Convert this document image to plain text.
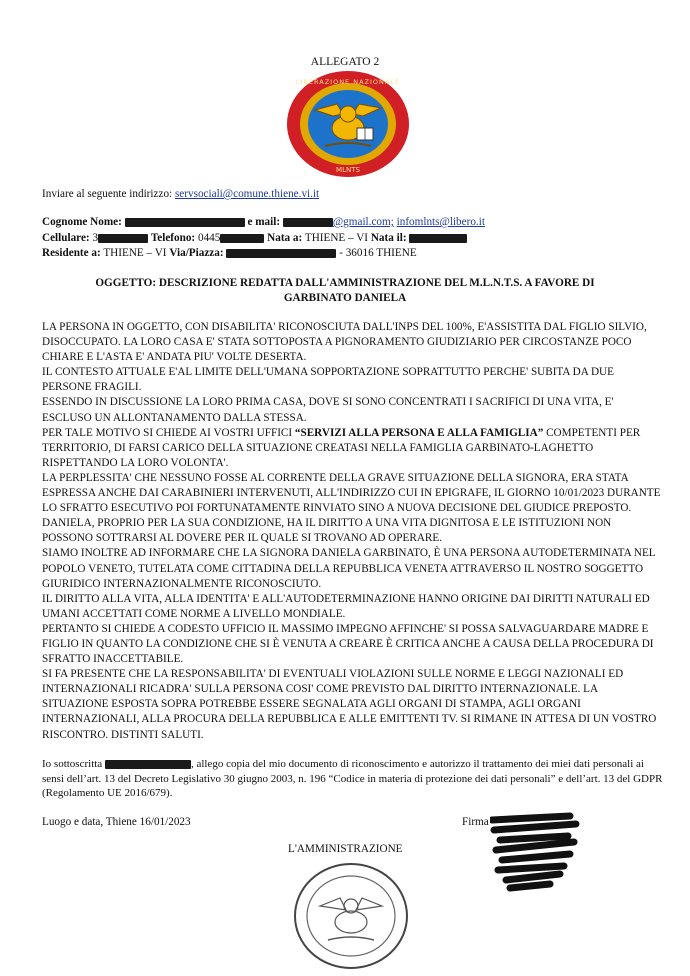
ALLEGATO 2
LIBERAZIONE NAZIONALE
MLNTS
Inviare al seguente indirizzo: servsociali@comune.thiene.vi.it
Cognome Nome:	e mail:	@gmail.com; infomlnts@libero.it
Cellulare: 3	Telefono: 0445	Nata a: THIENE – VI Nata il:
Residente a: THIENE – VI Via/Piazza:	- 36016 THIENE
OGGETTO: DESCRIZIONE REDATTA DALL'AMMINISTRAZIONE DEL M.L.N.T.S. A FAVORE DI
GARBINATO DANIELA

LA PERSONA IN OGGETTO, CON DISABILITA' RICONOSCIUTA DALL'INPS DEL 100%, E'ASSISTITA DAL FIGLIO SILVIO, DISOCCUPATO. LA LORO CASA E' STATA SOTTOPOSTA A PIGNORAMENTO GIUDIZIARIO PER CIRCOSTANZE POCO CHIARE E L'ASTA E' ANDATA PIU' VOLTE DESERTA.

IL CONTESTO ATTUALE E'AL LIMITE DELL'UMANA SOPPORTAZIONE SOPRATTUTTO PERCHE' SUBITA DA DUE PERSONE FRAGILI.

ESSENDO IN DISCUSSIONE LA LORO PRIMA CASA, DOVE SI SONO CONCENTRATI I SACRIFICI DI UNA VITA, E' ESCLUSO UN ALLONTANAMENTO DALLA STESSA.

PER TALE MOTIVO SI CHIEDE AI VOSTRI UFFICI “SERVIZI ALLA PERSONA E ALLA FAMIGLIA” COMPETENTI PER TERRITORIO, DI FARSI CARICO DELLA SITUAZIONE CREATASI NELLA FAMIGLIA GARBINATO-LAGHETTO RISPETTANDO LA LORO VOLONTA'.

LA PERPLESSITA' CHE NESSUNO FOSSE AL CORRENTE DELLA GRAVE SITUAZIONE DELLA SIGNORA, ERA STATA ESPRESSA ANCHE DAI CARABINIERI INTERVENUTI, ALL'INDIRIZZO CUI IN EPIGRAFE, IL GIORNO 10/01/2023 DURANTE LO SFRATTO ESECUTIVO POI FORTUNATAMENTE RINVIATO SINO A NUOVA DECISIONE DEL GIUDICE PREPOSTO.

DANIELA, PROPRIO PER LA SUA CONDIZIONE, HA IL DIRITTO A UNA VITA DIGNITOSA E LE ISTITUZIONI NON POSSONO SOTTRARSI AL DOVERE PER IL QUALE SI TROVANO AD OPERARE.

SIAMO INOLTRE AD INFORMARE CHE LA SIGNORA DANIELA GARBINATO, È UNA PERSONA AUTODETERMINATA NEL POPOLO VENETO, TUTELATA COME CITTADINA DELLA REPUBBLICA VENETA ATTRAVERSO IL NOSTRO SOGGETTO GIURIDICO INTERNAZIONALMENTE RICONOSCIUTO.

IL DIRITTO ALLA VITA, ALLA IDENTITA' E ALL'AUTODETERMINAZIONE HANNO ORIGINE DAI DIRITTI NATURALI ED UMANI ACCETTATI COME NORME A LIVELLO MONDIALE.

PERTANTO SI CHIEDE A CODESTO UFFICIO IL MASSIMO IMPEGNO AFFINCHE' SI POSSA SALVAGUARDARE MADRE E FIGLIO IN QUANTO LA CONDIZIONE CHE SI È VENUTA A CREARE È CRITICA ANCHE A CAUSA DELLA PROCEDURA DI SFRATTO INACCETTABILE.

SI FA PRESENTE CHE LA RESPONSABILITA' DI EVENTUALI VIOLAZIONI SULLE NORME E LEGGI NAZIONALI ED INTERNAZIONALI RICADRA' SULLA PERSONA COSI' COME PREVISTO DAL DIRITTO INTERNAZIONALE. LA SITUAZIONE ESPOSTA SOPRA POTREBBE ESSERE SEGNALATA AGLI ORGANI DI STAMPA, AGLI ORGANI INTERNAZIONALI, ALLA PROCURA DELLA REPUBBLICA E ALLE EMITTENTI TV. SI RIMANE IN ATTESA DI UN VOSTRO RISCONTRO. DISTINTI SALUTI.

Io sottoscritta	, allego copia del mio documento di riconoscimento e autorizzo il trattamento dei miei dati personali ai sensi dell’art. 13 del Decreto Legislativo 30 giugno 2003, n. 196 “Codice in materia di protezione dei dati personali” e dell’art. 13 del GDPR (Regolamento UE 2016/679).
Luogo e data, Thiene 16/01/2023	Firma
L'AMMINISTRAZIONE
